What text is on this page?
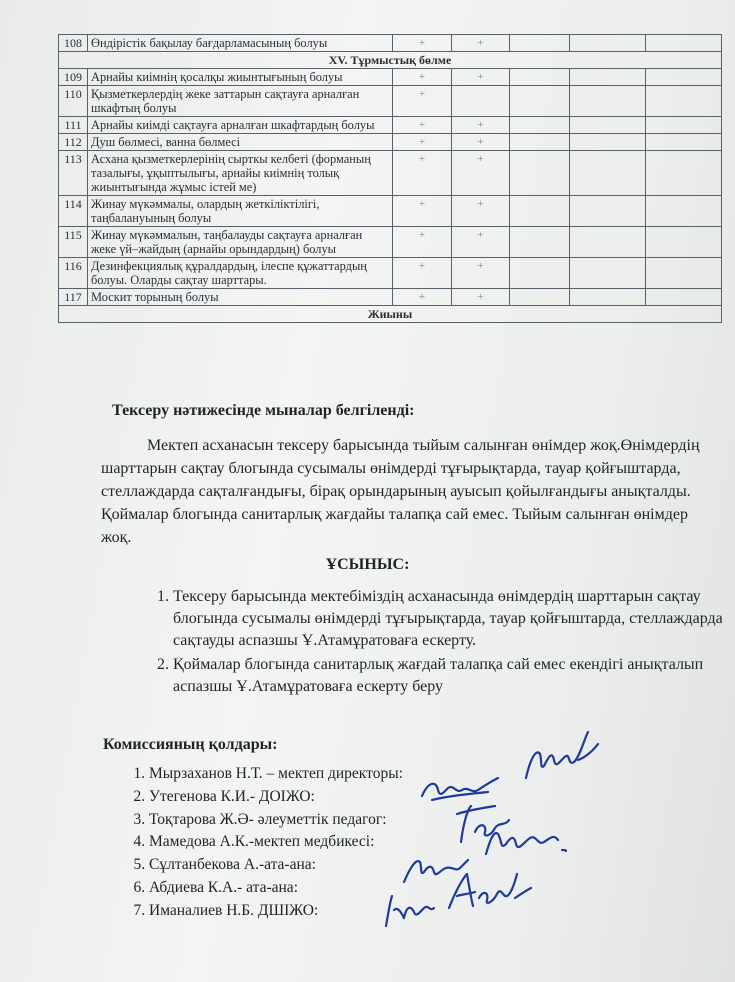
108	Өндірістік бақылау бағдарламасының болуы	+	+			
XV. Тұрмыстық бөлме						
109	Арнайы киімнің қосалқы жиынтығының болуы	+	+			
110	Қызметкерлердің жеке заттарын сақтауға арналған шкафтың болуы	+				
111	Арнайы киімді сақтауға арналған шкафтардың болуы	+	+			
112	Душ бөлмесі, ванна бөлмесі	+	+			
113	Асхана қызметкерлерінің сырткы келбеті (форманың тазалығы, ұқыптылығы, арнайы киімнің толық жиынтығында жұмыс істей ме)	+	+			
114	Жинау мүкәммалы, олардың жеткіліктілігі, таңбалануының болуы	+	+			
115	Жинау мүкәммалын, таңбалауды сақтауға арналған жеке үй–жайдың (арнайы орындардың) болуы	+	+			
116	Дезинфекциялық құралдардың, ілеспе құжаттардың болуы. Оларды сақтау шарттары.	+	+			
117	Москит торының болуы	+	+			
Жиыны						
Тексеру нәтижесінде мыналар белгіленді:
Мектеп асханасын тексеру барысында тыйым салынған өнімдер жоқ.Өнімдердің шарттарын сақтау блогында сусымалы өнімдерді тұғырықтарда, тауар қойғыштарда, стеллаждарда сақталғандығы, бірақ орындарының ауысып қойылғандығы анықталды. Қоймалар блогында санитарлық жағдайы талапқа сай емес. Тыйым салынған өнімдер жоқ.
ҰСЫНЫС:
1. Тексеру барысында мектебіміздің асханасында өнімдердің шарттарын сақтау блогында сусымалы өнімдерді тұғырықтарда, тауар қойғыштарда, стеллаждарда сақтауды аспазшы Ұ.Атамұратоваға ескерту.
2. Қоймалар блогында санитарлық жағдай талапқа сай емес екендігі анықталып аспазшы Ұ.Атамұратоваға ескерту беру
Комиссияның қолдары:
1. Мырзаханов Н.Т. – мектеп директоры:
2. Утегенова К.И.- ДОІЖО:
3. Тоқтарова Ж.Ә- әлеуметтік педагог:
4. Мамедова А.К.-мектеп медбикесі:
5. Сұлтанбекова А.-ата-ана:
6. Абдиева К.А.- ата-ана:
7. Иманалиев Н.Б. ДШІЖО:
